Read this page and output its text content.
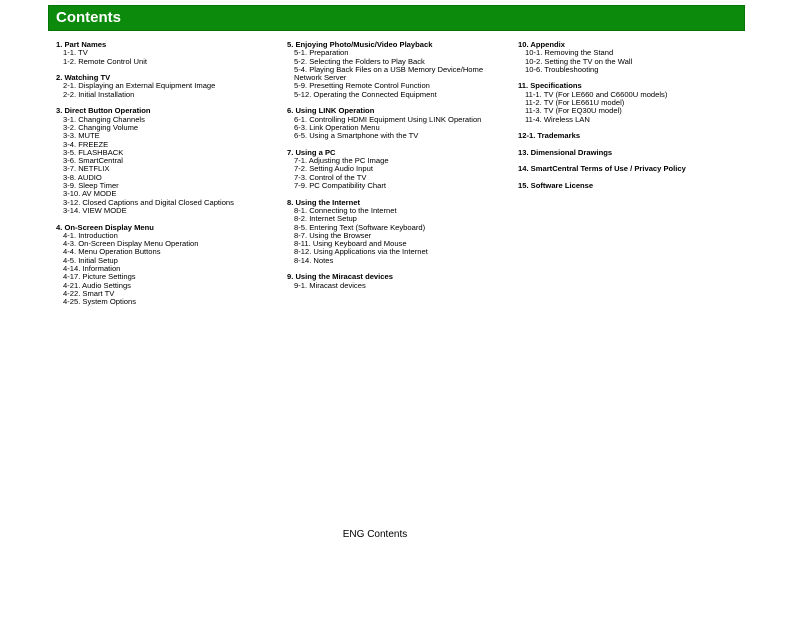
Contents
1. Part Names
1-1. TV
1-2. Remote Control Unit
2. Watching TV
2-1. Displaying an External Equipment Image
2-2. Initial Installation
3. Direct Button Operation
3-1. Changing Channels
3-2. Changing Volume
3-3. MUTE
3-4. FREEZE
3-5. FLASHBACK
3-6. SmartCentral
3-7. NETFLIX
3-8. AUDIO
3-9. Sleep Timer
3-10. AV MODE
3-12. Closed Captions and Digital Closed Captions
3-14. VIEW MODE
4. On-Screen Display Menu
4-1. Introduction
4-3. On-Screen Display Menu Operation
4-4. Menu Operation Buttons
4-5. Initial Setup
4-14. Information
4-17. Picture Settings
4-21. Audio Settings
4-22. Smart TV
4-25. System Options
5. Enjoying Photo/Music/Video Playback
5-1. Preparation
5-2. Selecting the Folders to Play Back
5-4. Playing Back Files on a USB Memory Device/Home Network Server
5-9. Presetting Remote Control Function
5-12. Operating the Connected Equipment
6. Using LINK Operation
6-1. Controlling HDMI Equipment Using LINK Operation
6-3. Link Operation Menu
6-5. Using a Smartphone with the TV
7. Using a PC
7-1. Adjusting the PC Image
7-2. Setting Audio Input
7-3. Control of the TV
7-9. PC Compatibility Chart
8. Using the Internet
8-1. Connecting to the Internet
8-2. Internet Setup
8-5. Entering Text (Software Keyboard)
8-7. Using the Browser
8-11. Using Keyboard and Mouse
8-12. Using Applications via the Internet
8-14. Notes
9. Using the Miracast devices
9-1. Miracast devices
10. Appendix
10-1. Removing the Stand
10-2. Setting the TV on the Wall
10-6. Troubleshooting
11. Specifications
11-1. TV (For LE660 and C6600U models)
11-2. TV (For LE661U model)
11-3. TV (For EQ30U model)
11-4. Wireless LAN
12-1. Trademarks
13. Dimensional Drawings
14. SmartCentral Terms of Use / Privacy Policy
15. Software License
ENG Contents
